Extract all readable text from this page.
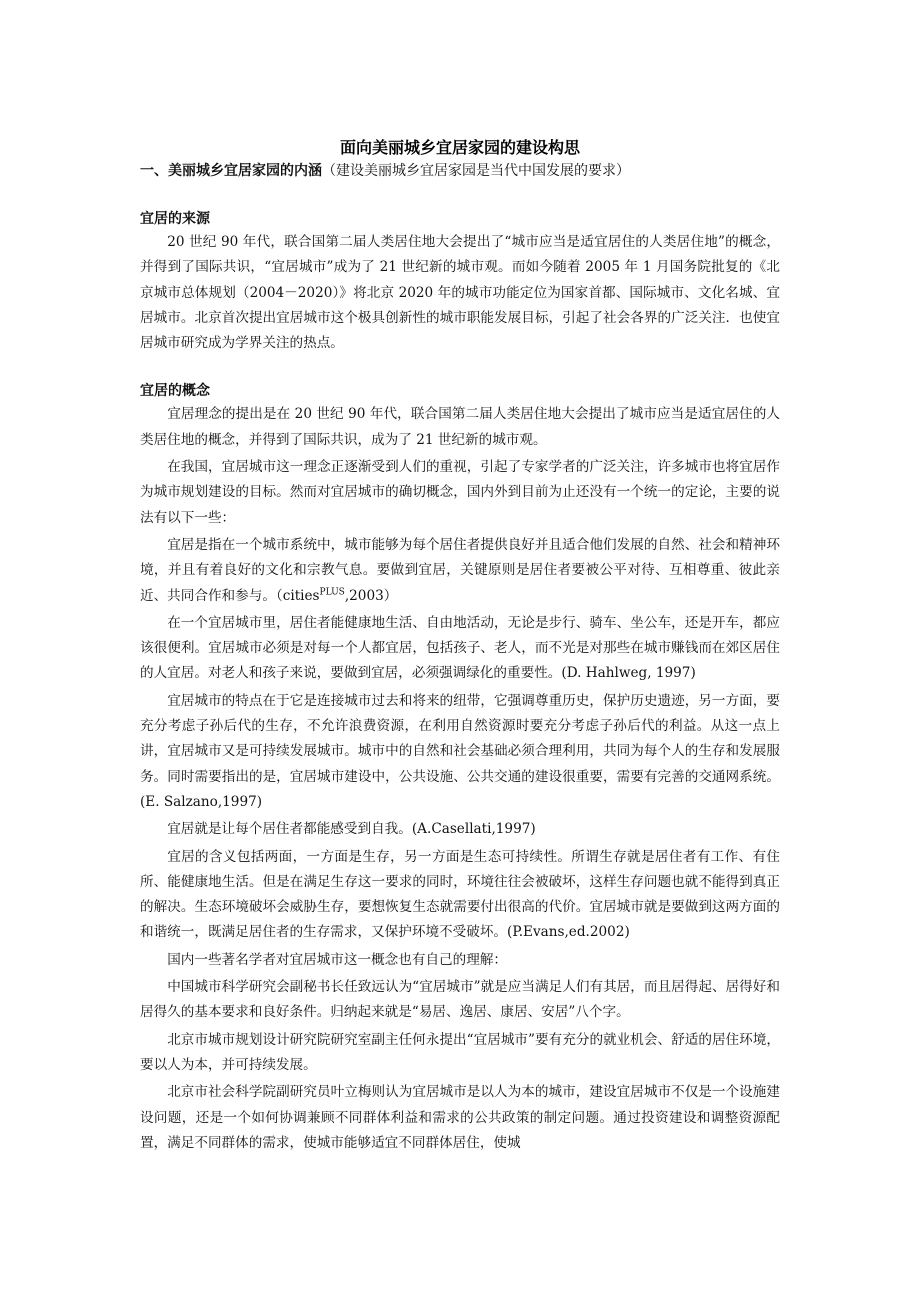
面向美丽城乡宜居家园的建设构思

一、美丽城乡宜居家园的内涵（建设美丽城乡宜居家园是当代中国发展的要求）

宜居的来源

20 世纪 90 年代，联合国第二届人类居住地大会提出了“城市应当是适宜居住的人类居住地”的概念，并得到了国际共识，“宜居城市”成为了 21 世纪新的城市观。而如今随着 2005 年 1 月国务院批复的《北京城市总体规划（2004－2020）》将北京 2020 年的城市功能定位为国家首都、国际城市、文化名城、宜居城市。北京首次提出宜居城市这个极具创新性的城市职能发展目标，引起了社会各界的广泛关注．也使宜居城市研究成为学界关注的热点。

宜居的概念

宜居理念的提出是在 20 世纪 90 年代，联合国第二届人类居住地大会提出了城市应当是适宜居住的人类居住地的概念，并得到了国际共识，成为了 21 世纪新的城市观。

在我国，宜居城市这一理念正逐渐受到人们的重视，引起了专家学者的广泛关注，许多城市也将宜居作为城市规划建设的目标。然而对宜居城市的确切概念，国内外到目前为止还没有一个统一的定论，主要的说法有以下一些：

宜居是指在一个城市系统中，城市能够为每个居住者提供良好并且适合他们发展的自然、社会和精神环境，并且有着良好的文化和宗教气息。要做到宜居，关键原则是居住者要被公平对待、互相尊重、彼此亲近、共同合作和参与。（cities$^{PLUS}$,2003）

在一个宜居城市里，居住者能健康地生活、自由地活动，无论是步行、骑车、坐公车，还是开车，都应该很便利。宜居城市必须是对每一个人都宜居，包括孩子、老人，而不光是对那些在城市赚钱而在郊区居住的人宜居。对老人和孩子来说，要做到宜居，必须强调绿化的重要性。(D. Hahlweg, 1997)

宜居城市的特点在于它是连接城市过去和将来的纽带，它强调尊重历史，保护历史遗迹，另一方面，要充分考虑子孙后代的生存，不允许浪费资源，在利用自然资源时要充分考虑子孙后代的利益。从这一点上讲，宜居城市又是可持续发展城市。城市中的自然和社会基础必须合理利用，共同为每个人的生存和发展服务。同时需要指出的是，宜居城市建设中，公共设施、公共交通的建设很重要，需要有完善的交通网系统。(E. Salzano,1997)

宜居就是让每个居住者都能感受到自我。(A.Casellati,1997)

宜居的含义包括两面，一方面是生存，另一方面是生态可持续性。所谓生存就是居住者有工作、有住所、能健康地生活。但是在满足生存这一要求的同时，环境往往会被破坏，这样生存问题也就不能得到真正的解决。生态环境破坏会威胁生存，要想恢复生态就需要付出很高的代价。宜居城市就是要做到这两方面的和谐统一，既满足居住者的生存需求，又保护环境不受破坏。(P.Evans,ed.2002)

国内一些著名学者对宜居城市这一概念也有自己的理解：

中国城市科学研究会副秘书长任致远认为“宜居城市”就是应当满足人们有其居，而且居得起、居得好和居得久的基本要求和良好条件。归纳起来就是“易居、逸居、康居、安居”八个字。

北京市城市规划设计研究院研究室副主任何永提出“宜居城市”要有充分的就业机会、舒适的居住环境，要以人为本，并可持续发展。

北京市社会科学院副研究员叶立梅则认为宜居城市是以人为本的城市，建设宜居城市不仅是一个设施建设问题，还是一个如何协调兼顾不同群体利益和需求的公共政策的制定问题。通过投资建设和调整资源配置，满足不同群体的需求，使城市能够适宜不同群体居住，使城
